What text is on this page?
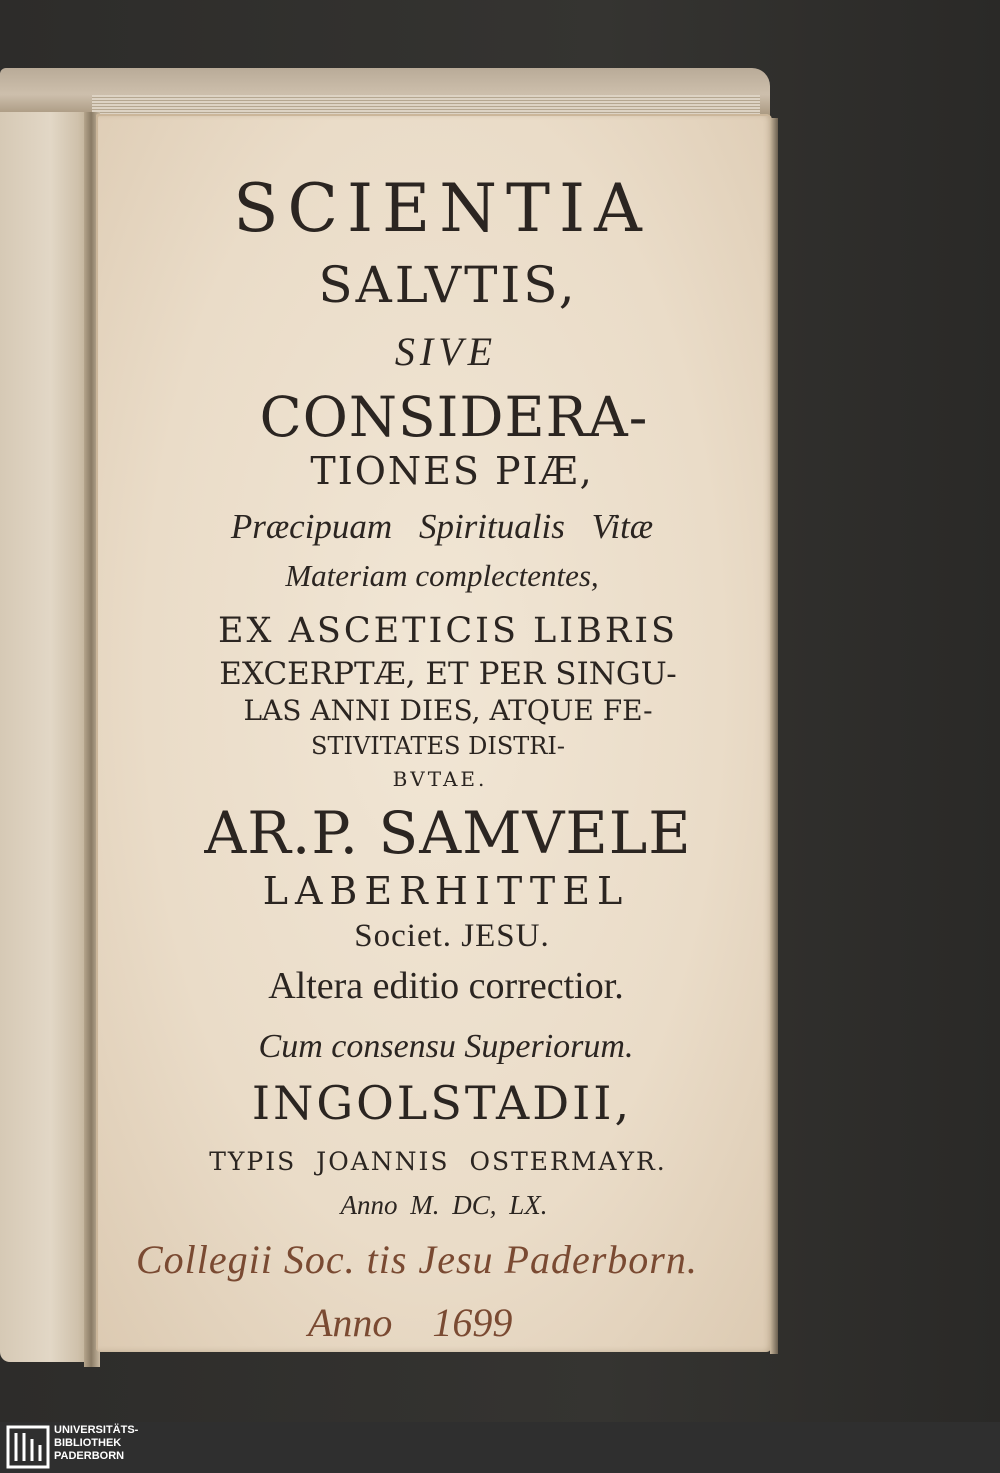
SCIENTIA
SALVTIS,
SIVE
CONSIDERA-
TIONES PIÆ,
Præcipuam Spiritualis Vitæ
Materiam complectentes,
EX ASCETICIS LIBRIS
EXCERPTÆ, ET PER SINGU-
LAS ANNI DIES, ATQUE FE-
STIVITATES DISTRI-
BVTAE.
AR.P. SAMVELE
LABERHITTEL
Societ. JESU.
Altera editio correctior.
Cum consensu Superiorum.
INGOLSTADII,
TYPIS JOANNIS OSTERMAYR.
Anno M. DC, LX.
Collegii Soc. tis Jesu Paderborn.
Anno 1699
UNIVERSITÄTS-
BIBLIOTHEK
PADERBORN
